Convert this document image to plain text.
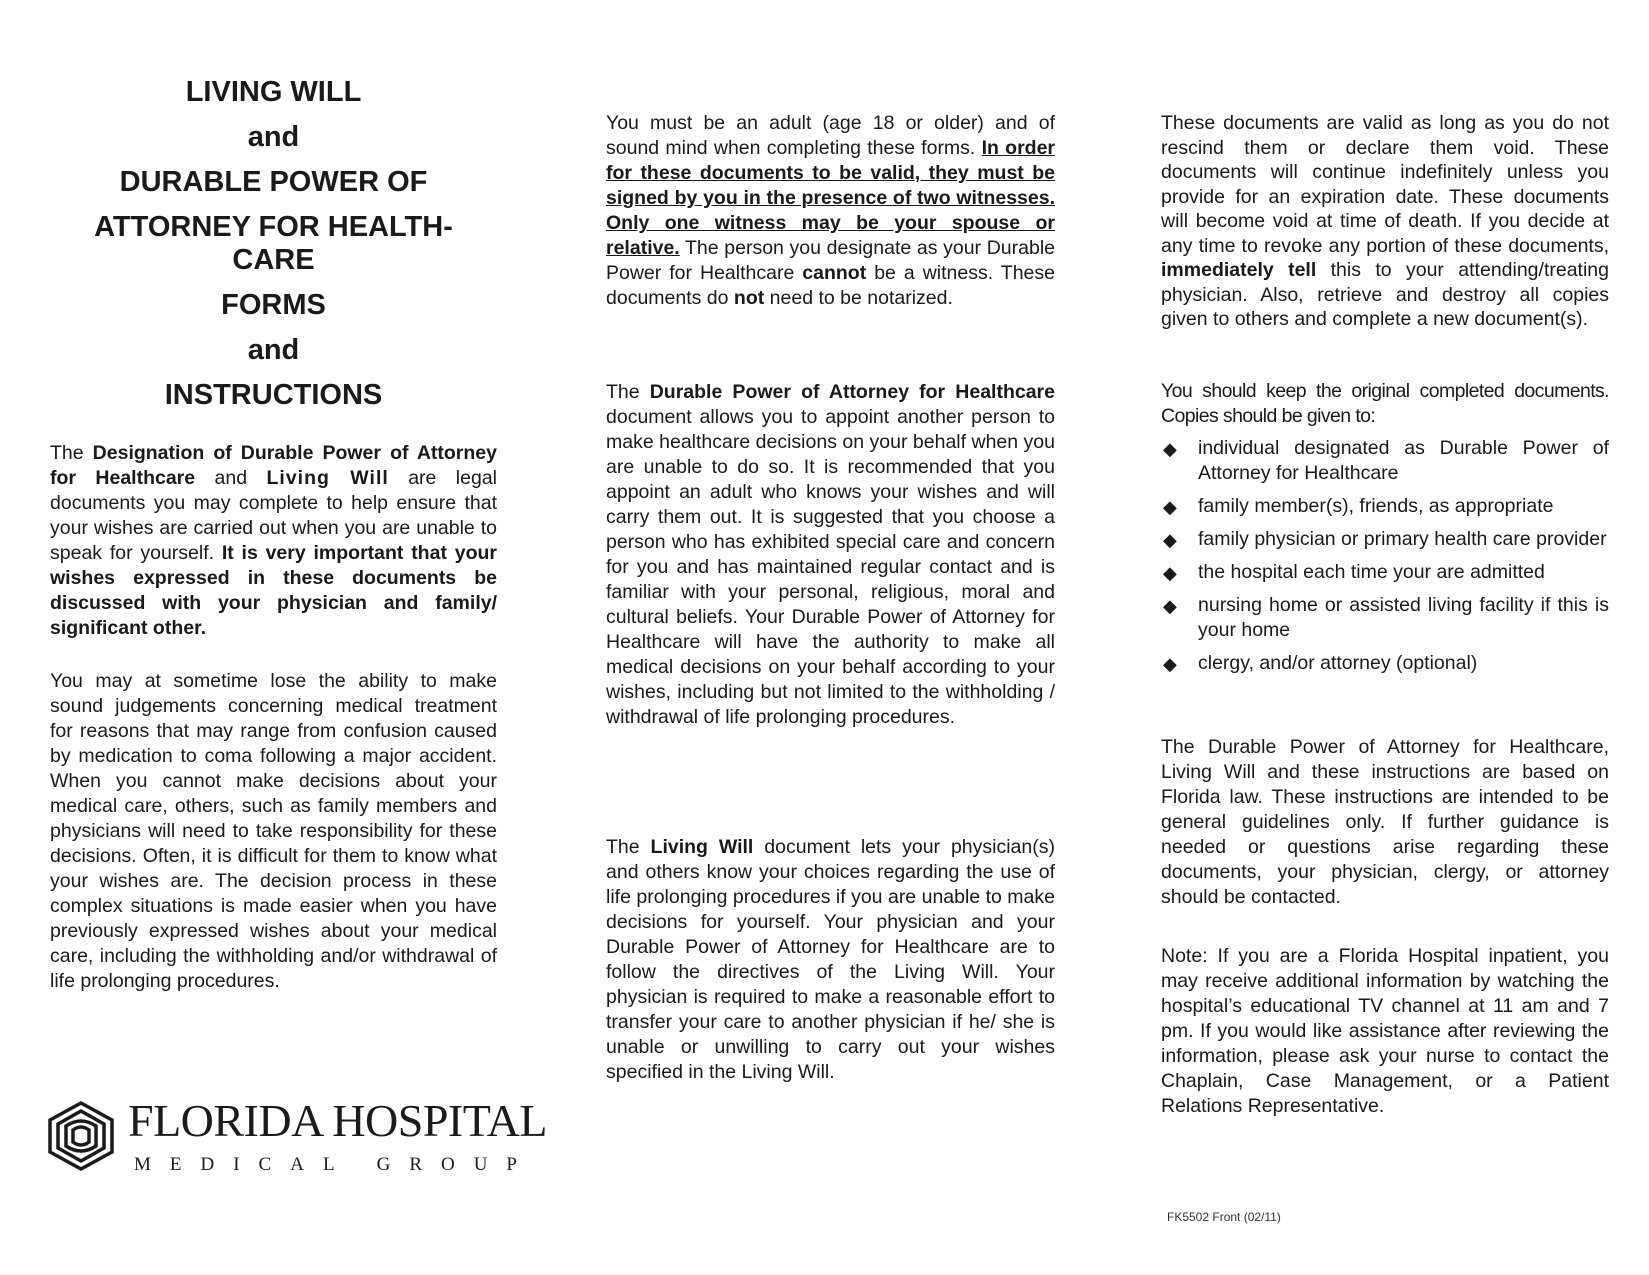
LIVING WILL
and
DURABLE POWER OF
ATTORNEY FOR HEALTH-
CARE
FORMS
and
INSTRUCTIONS

The Designation of Durable Power of Attorney for Healthcare and Living Will are legal documents you may complete to help ensure that your wishes are carried out when you are unable to speak for yourself. It is very important that your wishes expressed in these documents be discussed with your physician and family/ significant other.

You may at sometime lose the ability to make sound judgements concerning medical treatment for reasons that may range from confusion caused by medication to coma following a major accident. When you cannot make decisions about your medical care, others, such as family members and physicians will need to take responsibility for these decisions. Often, it is difficult for them to know what your wishes are. The decision process in these complex situations is made easier when you have previously expressed wishes about your medical care, including the withholding and/or withdrawal of life prolonging procedures.

FLORIDA HOSPITAL
MEDICAL GROUP

You must be an adult (age 18 or older) and of sound mind when completing these forms. In order for these documents to be valid, they must be signed by you in the presence of two witnesses. Only one witness may be your spouse or relative. The person you designate as your Durable Power for Healthcare cannot be a witness. These documents do not need to be notarized.

The Durable Power of Attorney for Healthcare document allows you to appoint another person to make healthcare decisions on your behalf when you are unable to do so. It is recommended that you appoint an adult who knows your wishes and will carry them out. It is suggested that you choose a person who has exhibited special care and concern for you and has maintained regular contact and is familiar with your personal, religious, moral and cultural beliefs. Your Durable Power of Attorney for Healthcare will have the authority to make all medical decisions on your behalf according to your wishes, including but not limited to the withholding / withdrawal of life prolonging procedures.

The Living Will document lets your physician(s) and others know your choices regarding the use of life prolonging procedures if you are unable to make decisions for yourself. Your physician and your Durable Power of Attorney for Healthcare are to follow the directives of the Living Will. Your physician is required to make a reasonable effort to transfer your care to another physician if he/ she is unable or unwilling to carry out your wishes specified in the Living Will.

These documents are valid as long as you do not rescind them or declare them void. These documents will continue indefinitely unless you provide for an expiration date. These documents will become void at time of death. If you decide at any time to revoke any portion of these documents, immediately tell this to your attending/treating physician. Also, retrieve and destroy all copies given to others and complete a new document(s).

You should keep the original completed documents. Copies should be given to:

◆ individual designated as Durable Power of Attorney for Healthcare
◆ family member(s), friends, as appropriate
◆ family physician or primary health care provider
◆ the hospital each time your are admitted
◆ nursing home or assisted living facility if this is your home
◆ clergy, and/or attorney (optional)

The Durable Power of Attorney for Healthcare, Living Will and these instructions are based on Florida law. These instructions are intended to be general guidelines only. If further guidance is needed or questions arise regarding these documents, your physician, clergy, or attorney should be contacted.

Note: If you are a Florida Hospital inpatient, you may receive additional information by watching the hospital’s educational TV channel at 11 am and 7 pm. If you would like assistance after reviewing the information, please ask your nurse to contact the Chaplain, Case Management, or a Patient Relations Representative.

FK5502 Front (02/11)
